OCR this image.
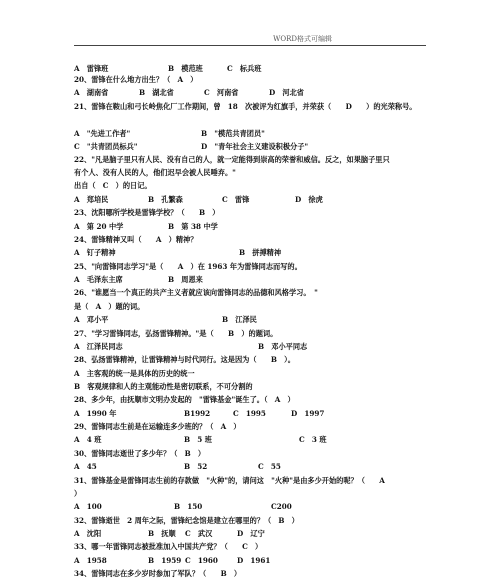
WORD格式可编辑
A　雷锋班	B　模范班	C　标兵班
20、雷锋在什么地方出生？（　A　）
A　湖南省	B　湖北省	C　河南省	D　河北省
21、雷锋在鞍山和弓长岭焦化厂工作期间，曾　18　次被评为红旗手，并荣获（　　D　　）的光荣称号。
A　"先进工作者"	B　"模范共青团员"
C　"共青团员标兵"	D　"青年社会主义建设积极分子"
22、"凡是脑子里只有人民、没有自己的人，就一定能得到崇高的荣誉和威信。反之，如果脑子里只
有个人、没有人民的人，他们迟早会被人民唾弃。"
出自（　C　）的日记。
A　郑培民	B　孔繁森	C　雷锋	D　徐虎
23、沈阳哪所学校是雷锋学校？（　　B　）
A　第 20 中学	B　第 38 中学
24、雷锋精神又叫（　　A　）精神？
A　钉子精神	B　拼搏精神
25、"向雷锋同志学习"是（　　A　）在 1963 年为雷锋同志而写的。
A　毛泽东主席	B　周恩来
26、"谁愿当一个真正的共产主义者就应该向雷锋同志的品德和风格学习。　"
是（　A　）题的词。
A　邓小平	B　江泽民
27、"学习雷锋同志，弘扬雷锋精神。"是（　　B　）的题词。
A　江泽民同志	B　邓小平同志
28、弘扬雷锋精神，让雷锋精神与时代同行。这是因为（　　B　）。
A　主客观的统一是具体的历史的统一
B　客观规律和人的主观能动性是密切联系，不可分割的
28、多少年，由抚顺市文明办发起的　"雷锋基金"诞生了。（　A　）
A　1990 年	B1992	C　1995	D　1997
29、雷锋同志生前是在运输连多少班的？（　A　）
A　4 班	B　5 班	C　3 班
30、雷锋同志逝世了多少年？（　B　）
A　45	B　52	C　55
31、雷锋基金是雷锋同志生前的存款做　"火种"的，请问这　"火种"是由多少开始的呢？（　　A
）
A　100	B　150	C200
32、雷锋逝世　2 周年之际，雷锋纪念馆是建立在哪里的？（　B　）
A　沈阳	B　抚顺 C　武汉	D　辽宁
33、哪一年雷锋同志被批准加入中国共产党？（　　C　）
A　1958	B　1959 C　1960	D　1961
34、雷锋同志在多少岁时参加了军队？（　　B　）
